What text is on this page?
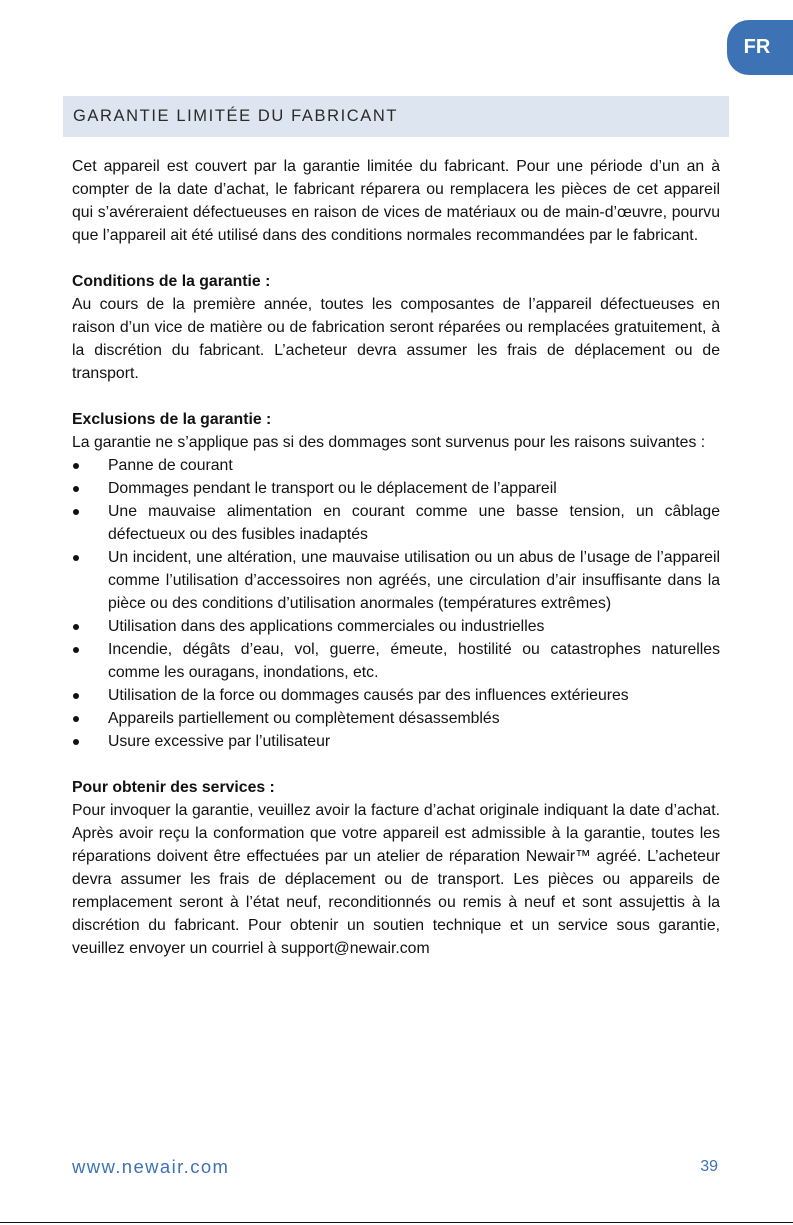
FR
GARANTIE LIMITÉE DU FABRICANT

Cet appareil est couvert par la garantie limitée du fabricant. Pour une période d’un an à compter de la date d’achat, le fabricant réparera ou remplacera les pièces de cet appareil qui s’avéreraient défectueuses en raison de vices de matériaux ou de main-d’œuvre, pourvu que l’appareil ait été utilisé dans des conditions normales recommandées par le fabricant.

Conditions de la garantie :

Au cours de la première année, toutes les composantes de l’appareil défectueuses en raison d’un vice de matière ou de fabrication seront réparées ou remplacées gratuitement, à la discrétion du fabricant. L’acheteur devra assumer les frais de déplacement ou de transport.

Exclusions de la garantie :

La garantie ne s’applique pas si des dommages sont survenus pour les raisons suivantes :

Panne de courant
Dommages pendant le transport ou le déplacement de l’appareil
Une mauvaise alimentation en courant comme une basse tension, un câblage défectueux ou des fusibles inadaptés
Un incident, une altération, une mauvaise utilisation ou un abus de l’usage de l’appareil comme l’utilisation d’accessoires non agréés, une circulation d’air insuffisante dans la pièce ou des conditions d’utilisation anormales (températures extrêmes)
Utilisation dans des applications commerciales ou industrielles
Incendie, dégâts d’eau, vol, guerre, émeute, hostilité ou catastrophes naturelles comme les ouragans, inondations, etc.
Utilisation de la force ou dommages causés par des influences extérieures
Appareils partiellement ou complètement désassemblés
Usure excessive par l’utilisateur

Pour obtenir des services :

Pour invoquer la garantie, veuillez avoir la facture d’achat originale indiquant la date d’achat. Après avoir reçu la conformation que votre appareil est admissible à la garantie, toutes les réparations doivent être effectuées par un atelier de réparation Newair™ agréé. L’acheteur devra assumer les frais de déplacement ou de transport. Les pièces ou appareils de remplacement seront à l’état neuf, reconditionnés ou remis à neuf et sont assujettis à la discrétion du fabricant. Pour obtenir un soutien technique et un service sous garantie, veuillez envoyer un courriel à support@newair.com

www.newair.com	39
